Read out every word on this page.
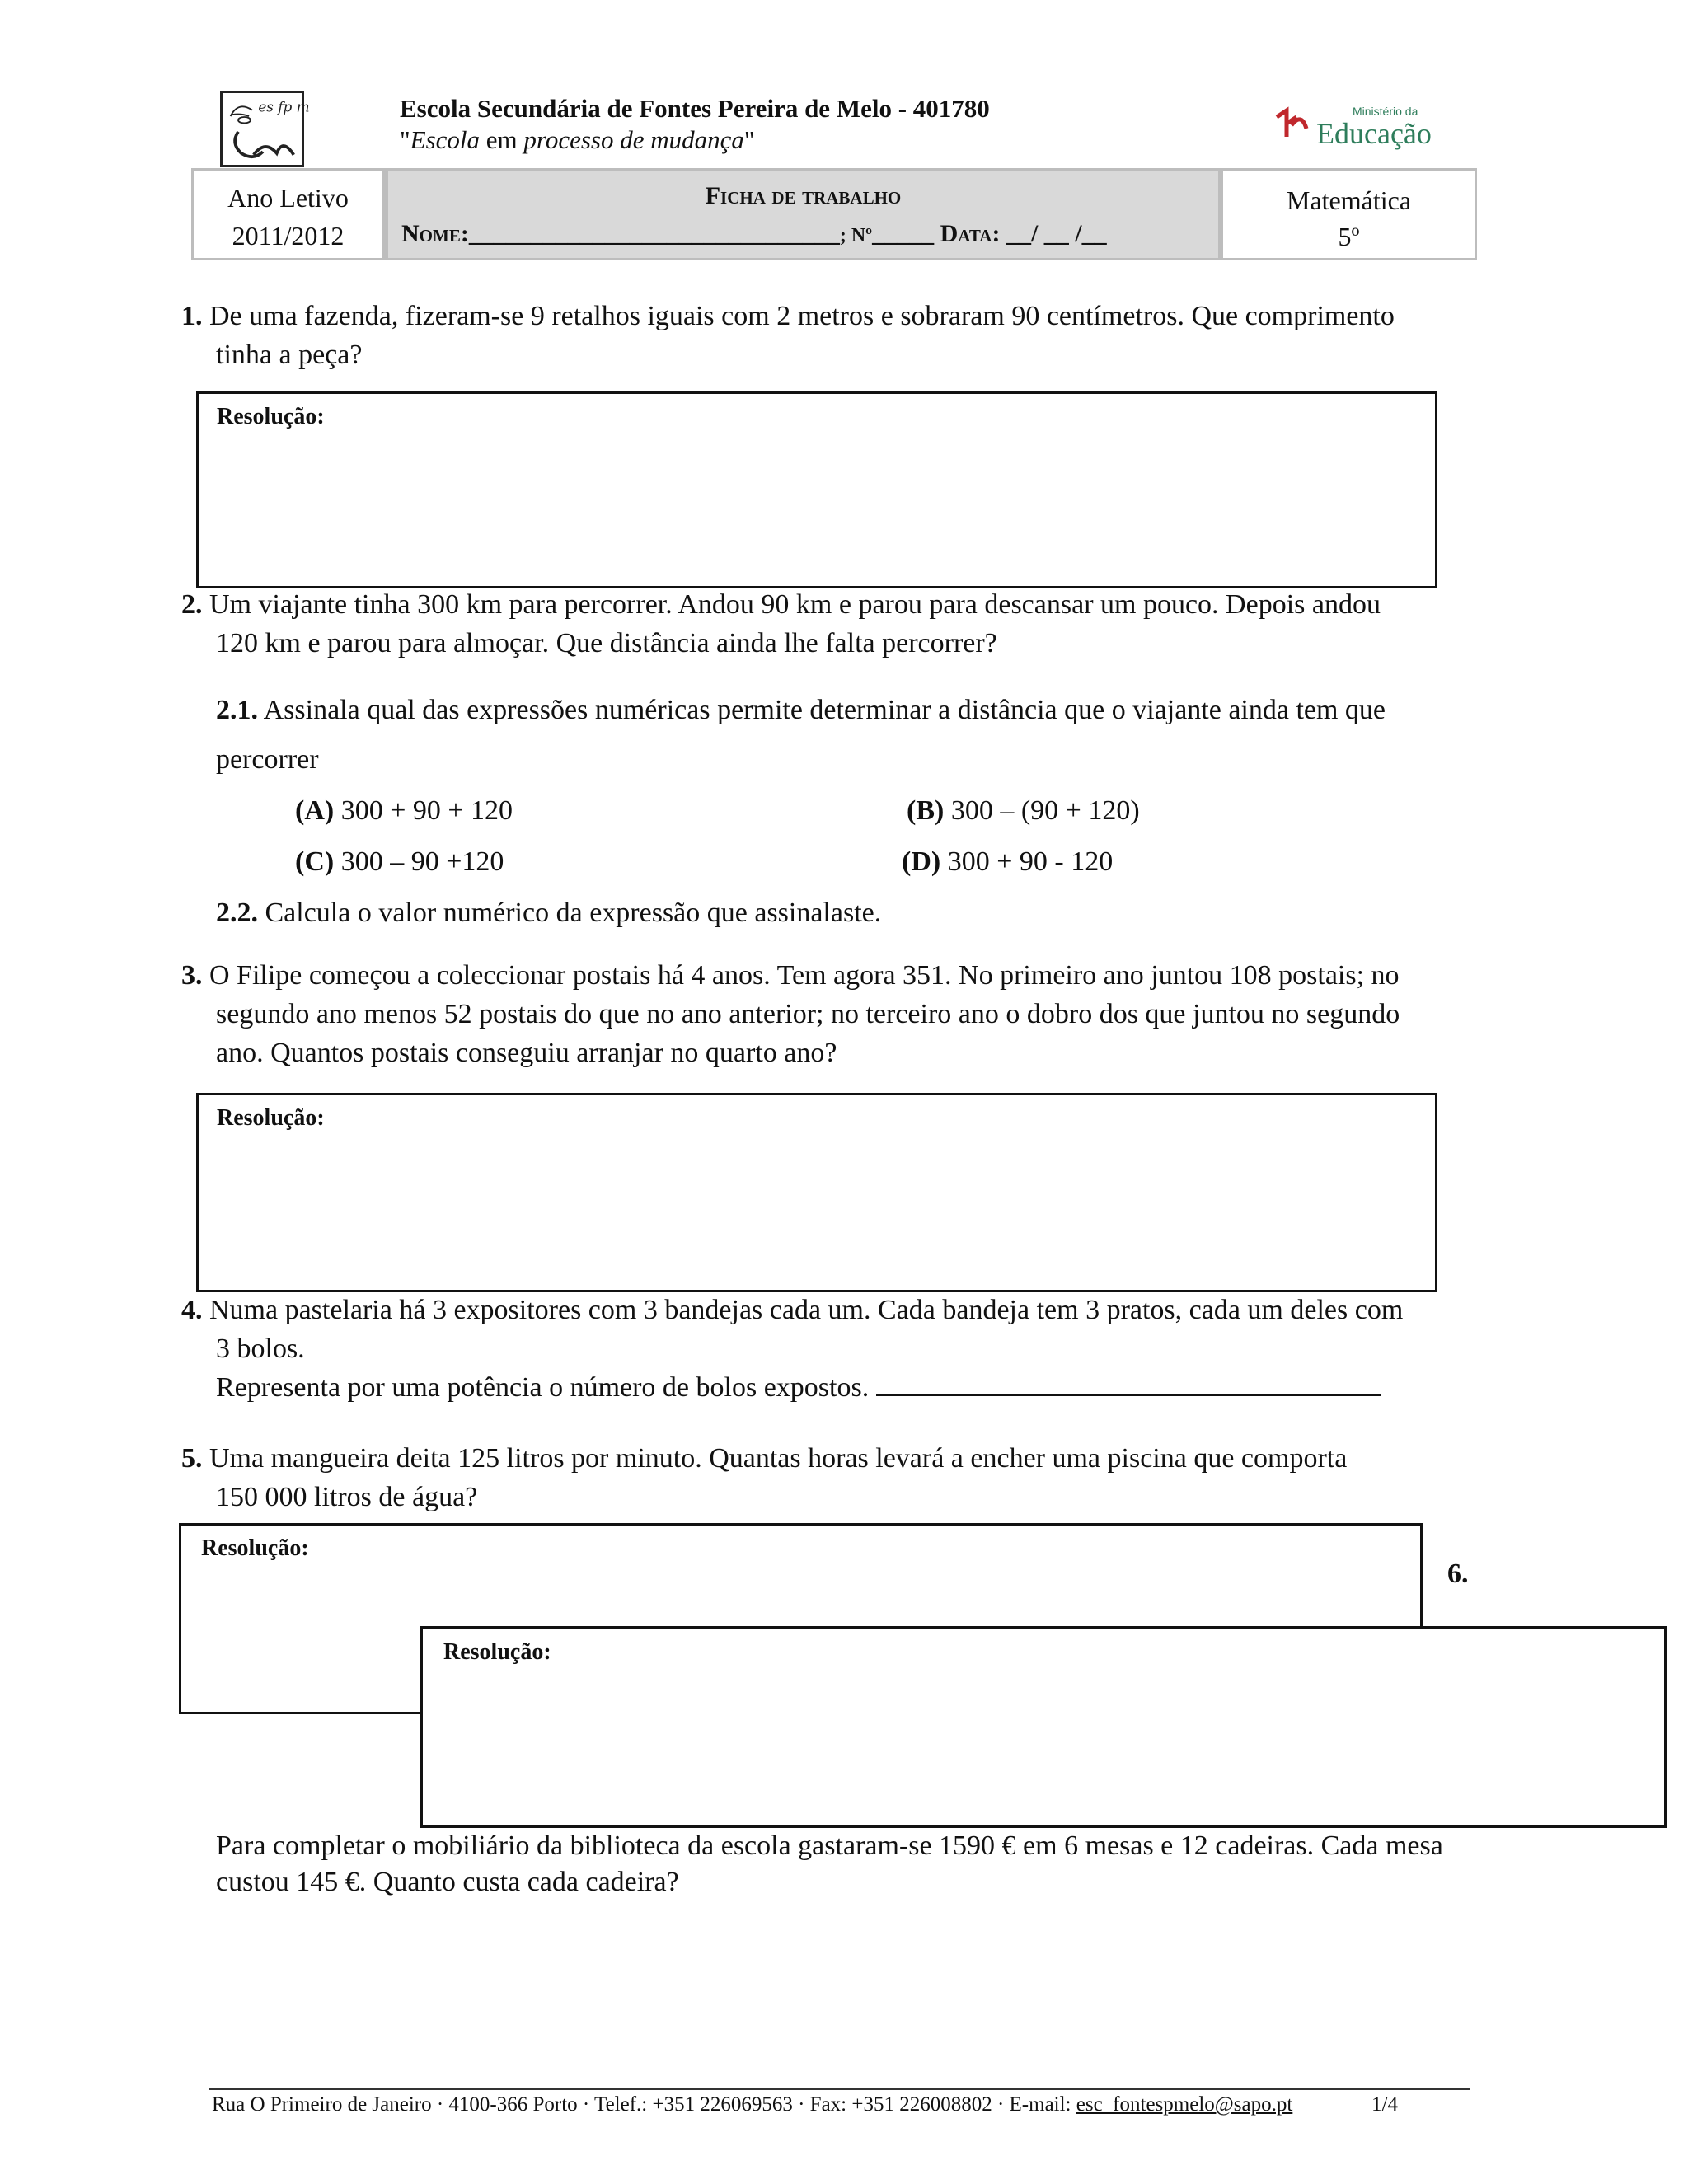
es fp m	Escola Secundária de Fontes Pereira de Melo - 401780
"Escola em processo de mudança"
Ministério da
Educação
Ano Letivo
2011/2012
Ficha de trabalho
Nome:______________________________; Nº_____ Data: __/ __ /__
Matemática
5º
1. De uma fazenda, fizeram-se 9 retalhos iguais com 2 metros e sobraram 90 centímetros. Que comprimento
tinha a peça?
Resolução:
2. Um viajante tinha 300 km para percorrer. Andou 90 km e parou para descansar um pouco. Depois andou
120 km e parou para almoçar. Que distância ainda lhe falta percorrer?
2.1. Assinala qual das expressões numéricas permite determinar a distância que o viajante ainda tem que
percorrer
(A) 300 + 90 + 120	(B) 300 – (90 + 120)
(C) 300 – 90 +120	(D) 300 + 90 - 120
2.2. Calcula o valor numérico da expressão que assinalaste.
3. O Filipe começou a coleccionar postais há 4 anos. Tem agora 351. No primeiro ano juntou 108 postais; no
segundo ano menos 52 postais do que no ano anterior; no terceiro ano o dobro dos que juntou no segundo
ano. Quantos postais conseguiu arranjar no quarto ano?
Resolução:
4. Numa pastelaria há 3 expositores com 3 bandejas cada um. Cada bandeja tem 3 pratos, cada um deles com
3 bolos.
Representa por uma potência o número de bolos expostos.
5. Uma mangueira deita 125 litros por minuto. Quantas horas levará a encher uma piscina que comporta
150 000 litros de água?
Resolução:
6.
Resolução:
Para completar o mobiliário da biblioteca da escola gastaram-se 1590 € em 6 mesas e 12 cadeiras. Cada mesa
custou 145 €. Quanto custa cada cadeira?
Rua O Primeiro de Janeiro · 4100-366 Porto · Telef.: +351 226069563 · Fax: +351 226008802 · E-mail: esc_fontespmelo@sapo.pt	1/4
